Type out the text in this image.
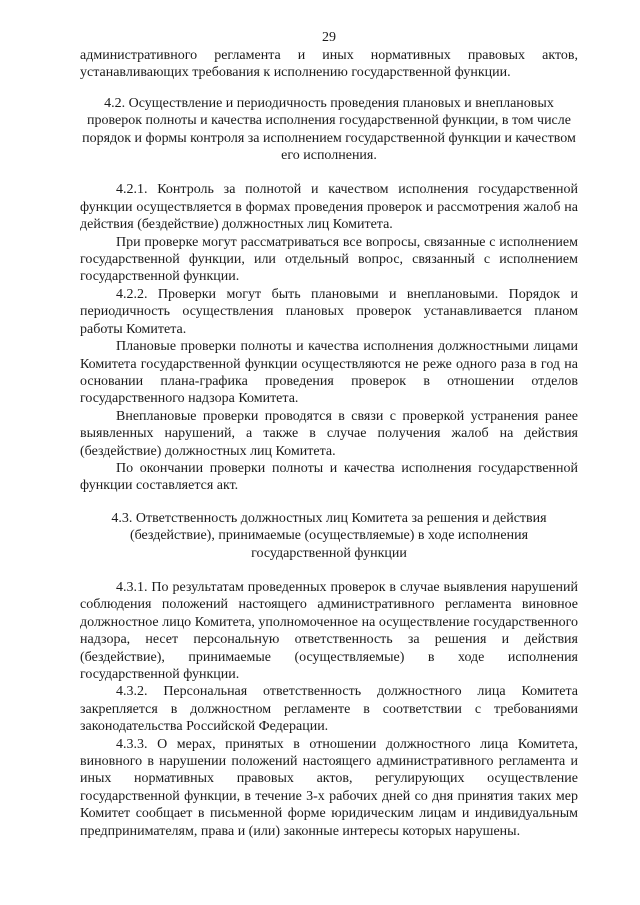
29

административного регламента и иных нормативных правовых актов, устанавливающих требования к исполнению государственной функции.

4.2. Осуществление и периодичность проведения плановых и внеплановых проверок полноты и качества исполнения государственной функции, в том числе порядок и формы контроля за исполнением государственной функции и качеством его исполнения.

4.2.1. Контроль за полнотой и качеством исполнения государственной функции осуществляется в формах проведения проверок и рассмотрения жалоб на действия (бездействие) должностных лиц Комитета.

При проверке могут рассматриваться все вопросы, связанные с исполнением государственной функции, или отдельный вопрос, связанный с исполнением государственной функции.

4.2.2. Проверки могут быть плановыми и внеплановыми. Порядок и периодичность осуществления плановых проверок устанавливается планом работы Комитета.

Плановые проверки полноты и качества исполнения должностными лицами Комитета государственной функции осуществляются не реже одного раза в год на основании плана-графика проведения проверок в отношении отделов государственного надзора Комитета.

Внеплановые проверки проводятся в связи с проверкой устранения ранее выявленных нарушений, а также в случае получения жалоб на действия (бездействие) должностных лиц Комитета.

По окончании проверки полноты и качества исполнения государственной функции составляется акт.

4.3. Ответственность должностных лиц Комитета за решения и действия (бездействие), принимаемые (осуществляемые) в ходе исполнения государственной функции

4.3.1. По результатам проведенных проверок в случае выявления нарушений соблюдения положений настоящего административного регламента виновное должностное лицо Комитета, уполномоченное на осуществление государственного надзора, несет персональную ответственность за решения и действия (бездействие), принимаемые (осуществляемые) в ходе исполнения государственной функции.

4.3.2. Персональная ответственность должностного лица Комитета закрепляется в должностном регламенте в соответствии с требованиями законодательства Российской Федерации.

4.3.3. О мерах, принятых в отношении должностного лица Комитета, виновного в нарушении положений настоящего административного регламента и иных нормативных правовых актов, регулирующих осуществление государственной функции, в течение 3-х рабочих дней со дня принятия таких мер Комитет сообщает в письменной форме юридическим лицам и индивидуальным предпринимателям, права и (или) законные интересы которых нарушены.
